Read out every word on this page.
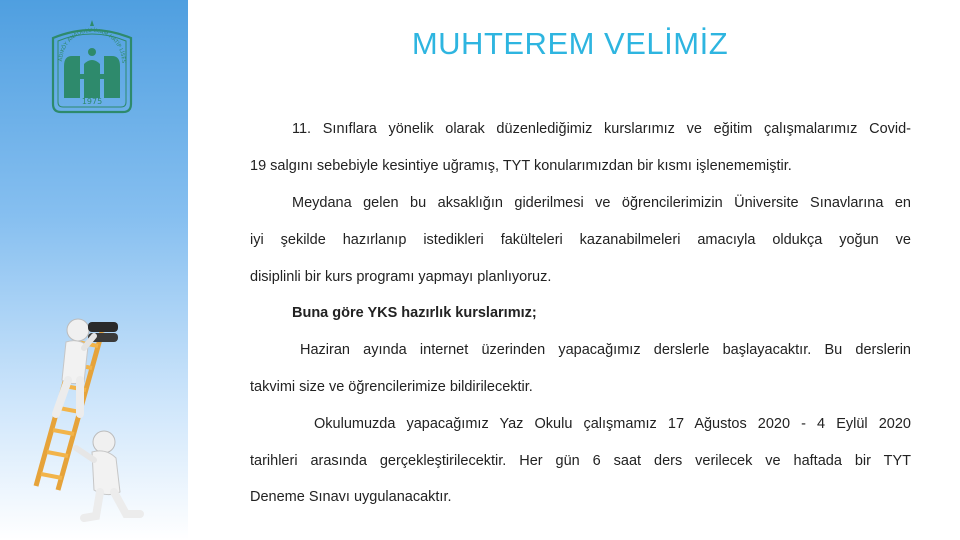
ADIKÖY ANADOLU İMAM HATİP LİSES
1975
MUHTEREM VELİMİZ
11. Sınıflara yönelik olarak düzenlediğimiz kurslarımız ve eğitim çalışmalarımız Covid-
19 salgını sebebiyle kesintiye uğramış, TYT konularımızdan bir kısmı işlenememiştir.
Meydana gelen bu aksaklığın giderilmesi ve öğrencilerimizin Üniversite Sınavlarına en
iyi şekilde hazırlanıp istedikleri fakülteleri kazanabilmeleri amacıyla oldukça yoğun ve
disiplinli bir kurs programı yapmayı planlıyoruz.
Buna göre YKS hazırlık kurslarımız;
Haziran ayında internet üzerinden yapacağımız derslerle başlayacaktır. Bu derslerin
takvimi size ve öğrencilerimize bildirilecektir.
Okulumuzda yapacağımız Yaz Okulu çalışmamız 17 Ağustos 2020 - 4 Eylül 2020
tarihleri arasında gerçekleştirilecektir. Her gün 6 saat ders verilecek ve haftada bir TYT
Deneme Sınavı uygulanacaktır.
